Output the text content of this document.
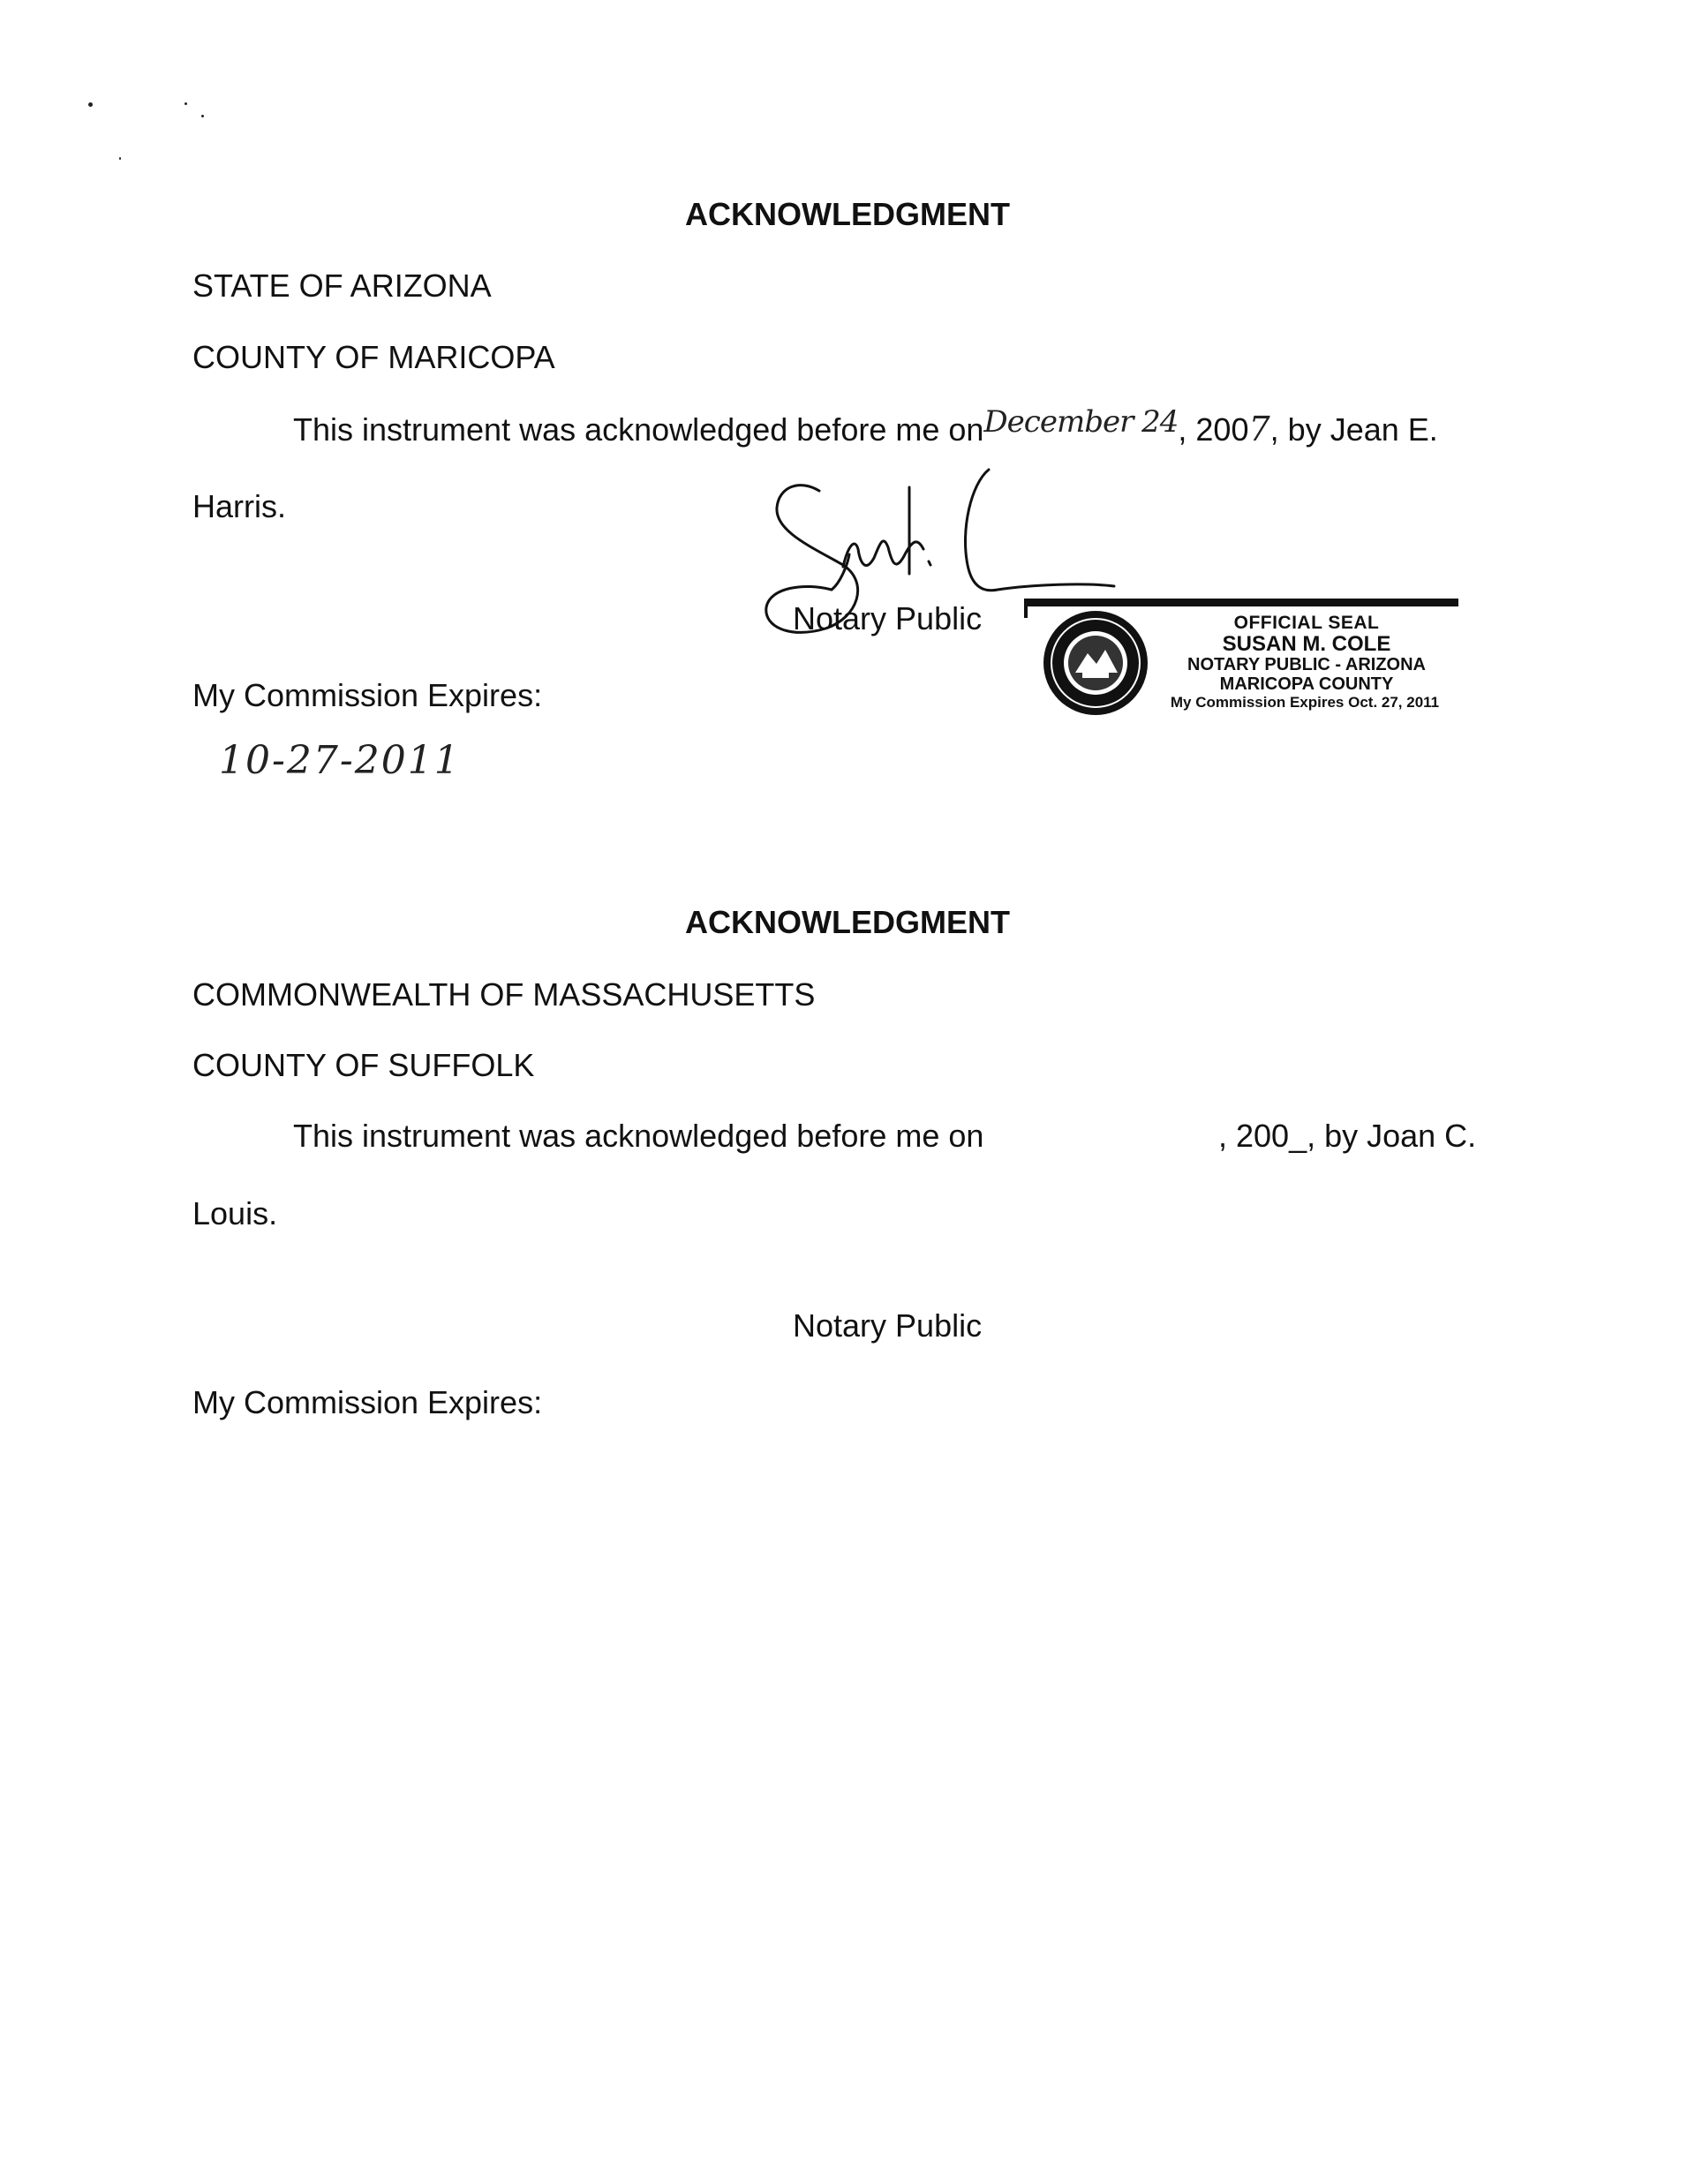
ACKNOWLEDGMENT
STATE OF ARIZONA
COUNTY OF MARICOPA
This instrument was acknowledged before me onDecember 24, 2007, by Jean E.
Harris.
Notary Public	OFFICIAL SEAL
SUSAN M. COLE
NOTARY PUBLIC - ARIZONA
MARICOPA COUNTY
My Commission Expires Oct. 27, 2011
My Commission Expires:
10-27-2011
ACKNOWLEDGMENT
COMMONWEALTH OF MASSACHUSETTS
COUNTY OF SUFFOLK
This instrument was acknowledged before me on	, 200_, by Joan C.
Louis.
Notary Public
My Commission Expires:
